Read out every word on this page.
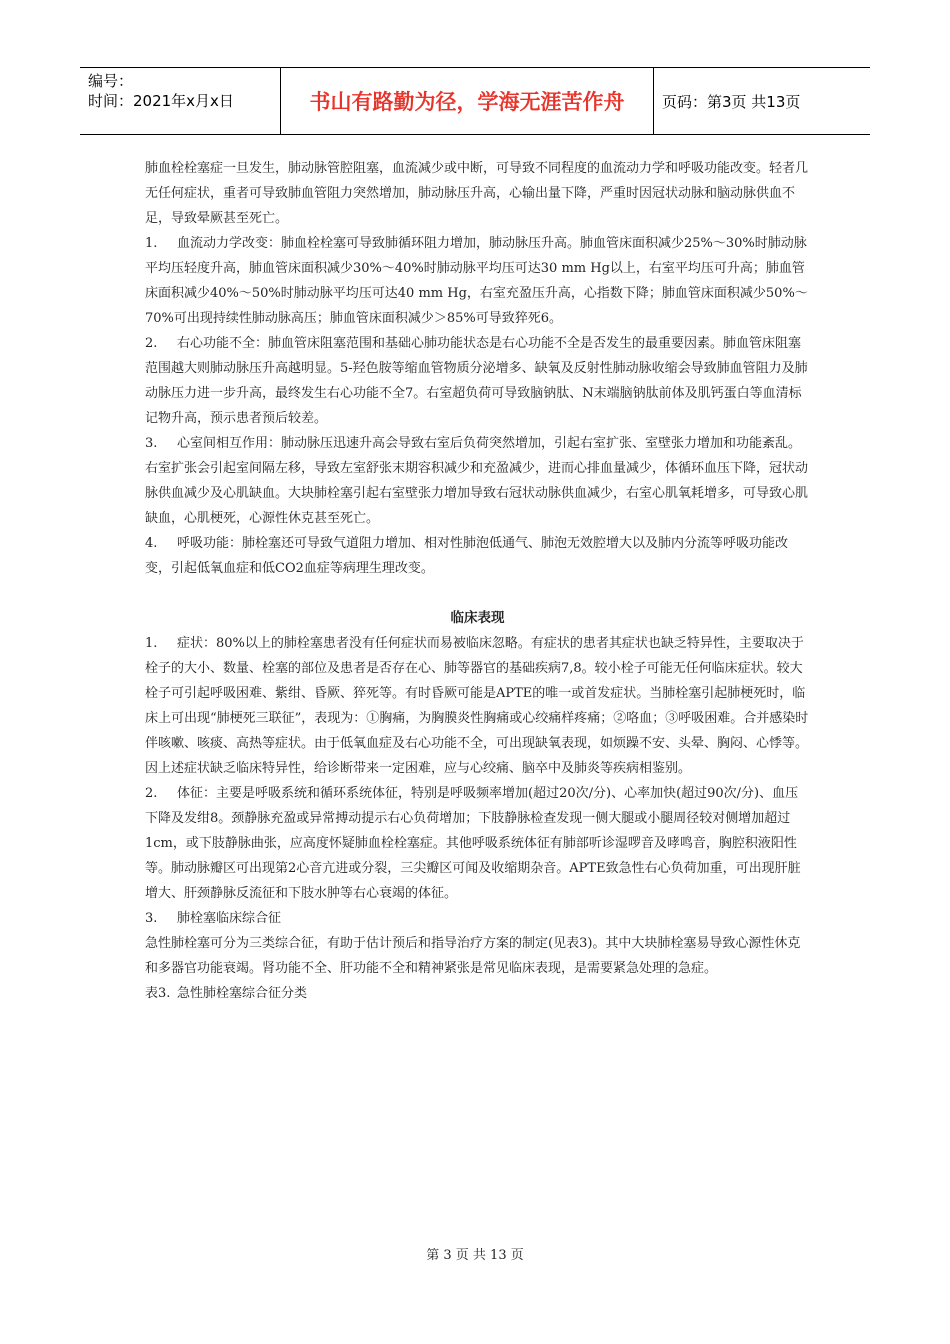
编号：
时间：2021年x月x日	书山有路勤为径，学海无涯苦作舟	页码：第3页 共13页

肺血栓栓塞症一旦发生，肺动脉管腔阻塞，血流减少或中断，可导致不同程度的血流动力学和呼吸功能改变。轻者几无任何症状，重者可导致肺血管阻力突然增加，肺动脉压升高，心输出量下降，严重时因冠状动脉和脑动脉供血不足，导致晕厥甚至死亡。

1. 血流动力学改变：肺血栓栓塞可导致肺循环阻力增加，肺动脉压升高。肺血管床面积减少25%～30%时肺动脉平均压轻度升高，肺血管床面积减少30%～40%时肺动脉平均压可达30 mm Hg以上，右室平均压可升高；肺血管床面积减少40%～50%时肺动脉平均压可达40 mm Hg，右室充盈压升高，心指数下降；肺血管床面积减少50%～70%可出现持续性肺动脉高压；肺血管床面积减少＞85%可导致猝死6。

2. 右心功能不全：肺血管床阻塞范围和基础心肺功能状态是右心功能不全是否发生的最重要因素。肺血管床阻塞范围越大则肺动脉压升高越明显。5-羟色胺等缩血管物质分泌增多、缺氧及反射性肺动脉收缩会导致肺血管阻力及肺动脉压力进一步升高，最终发生右心功能不全7。右室超负荷可导致脑钠肽、N末端脑钠肽前体及肌钙蛋白等血清标记物升高，预示患者预后较差。

3. 心室间相互作用：肺动脉压迅速升高会导致右室后负荷突然增加，引起右室扩张、室壁张力增加和功能紊乱。右室扩张会引起室间隔左移，导致左室舒张末期容积减少和充盈减少，进而心排血量减少，体循环血压下降，冠状动脉供血减少及心肌缺血。大块肺栓塞引起右室壁张力增加导致右冠状动脉供血减少，右室心肌氧耗增多，可导致心肌缺血，心肌梗死，心源性休克甚至死亡。

4. 呼吸功能：肺栓塞还可导致气道阻力增加、相对性肺泡低通气、肺泡无效腔增大以及肺内分流等呼吸功能改变，引起低氧血症和低CO2血症等病理生理改变。

临床表现

1. 症状：80%以上的肺栓塞患者没有任何症状而易被临床忽略。有症状的患者其症状也缺乏特异性，主要取决于栓子的大小、数量、栓塞的部位及患者是否存在心、肺等器官的基础疾病7,8。较小栓子可能无任何临床症状。较大栓子可引起呼吸困难、紫绀、昏厥、猝死等。有时昏厥可能是APTE的唯一或首发症状。当肺栓塞引起肺梗死时，临床上可出现“肺梗死三联征”，表现为：①胸痛，为胸膜炎性胸痛或心绞痛样疼痛；②咯血；③呼吸困难。合并感染时伴咳嗽、咳痰、高热等症状。由于低氧血症及右心功能不全，可出现缺氧表现，如烦躁不安、头晕、胸闷、心悸等。因上述症状缺乏临床特异性，给诊断带来一定困难，应与心绞痛、脑卒中及肺炎等疾病相鉴别。

2. 体征：主要是呼吸系统和循环系统体征，特别是呼吸频率增加(超过20次/分)、心率加快(超过90次/分)、血压下降及发绀8。颈静脉充盈或异常搏动提示右心负荷增加；下肢静脉检查发现一侧大腿或小腿周径较对侧增加超过1cm，或下肢静脉曲张，应高度怀疑肺血栓栓塞症。其他呼吸系统体征有肺部听诊湿啰音及哮鸣音，胸腔积液阳性等。肺动脉瓣区可出现第2心音亢进或分裂，三尖瓣区可闻及收缩期杂音。APTE致急性右心负荷加重，可出现肝脏增大、肝颈静脉反流征和下肢水肿等右心衰竭的体征。

3. 肺栓塞临床综合征

急性肺栓塞可分为三类综合征，有助于估计预后和指导治疗方案的制定(见表3)。其中大块肺栓塞易导致心源性休克和多器官功能衰竭。肾功能不全、肝功能不全和精神紧张是常见临床表现，是需要紧急处理的急症。

表3. 急性肺栓塞综合征分类

第 3 页 共 13 页
